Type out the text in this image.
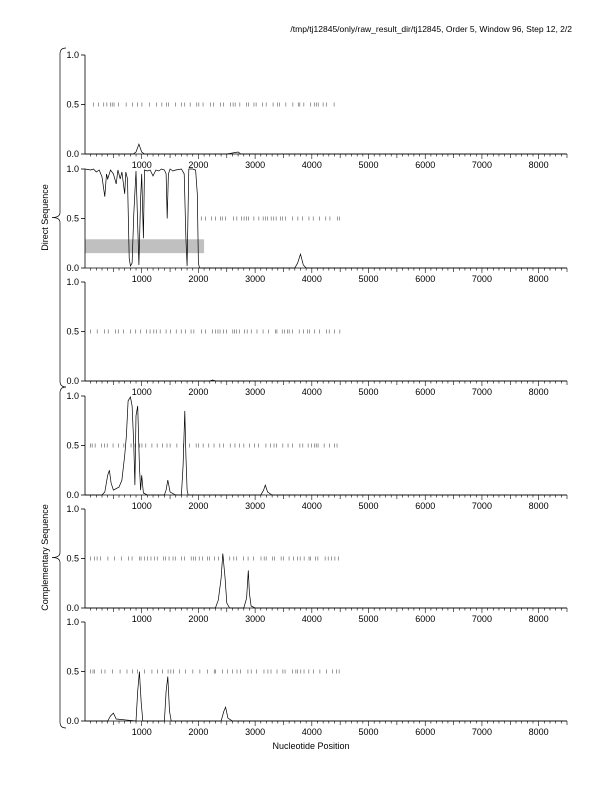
/tmp/tj12845/only/raw_result_dir/tj12845, Order 5, Window 96, Step 12, 2/2
0.0
0.5
1.0
1000	2000	3000	4000	5000	6000	7000	8000
0.0
0.5
1.0
1000	2000	3000	4000	5000	6000	7000	8000
0.0
0.5
1.0
1000	2000	3000	4000	5000	6000	7000	8000
0.0
0.5
1.0
1000	2000	3000	4000	5000	6000	7000	8000
0.0
0.5
1.0
1000	2000	3000	4000	5000	6000	7000	8000
0.0
0.5
1.0
1000	2000	3000	4000	5000	6000	7000	8000
Direct Sequence
Complementary Sequence
Nucleotide Position
